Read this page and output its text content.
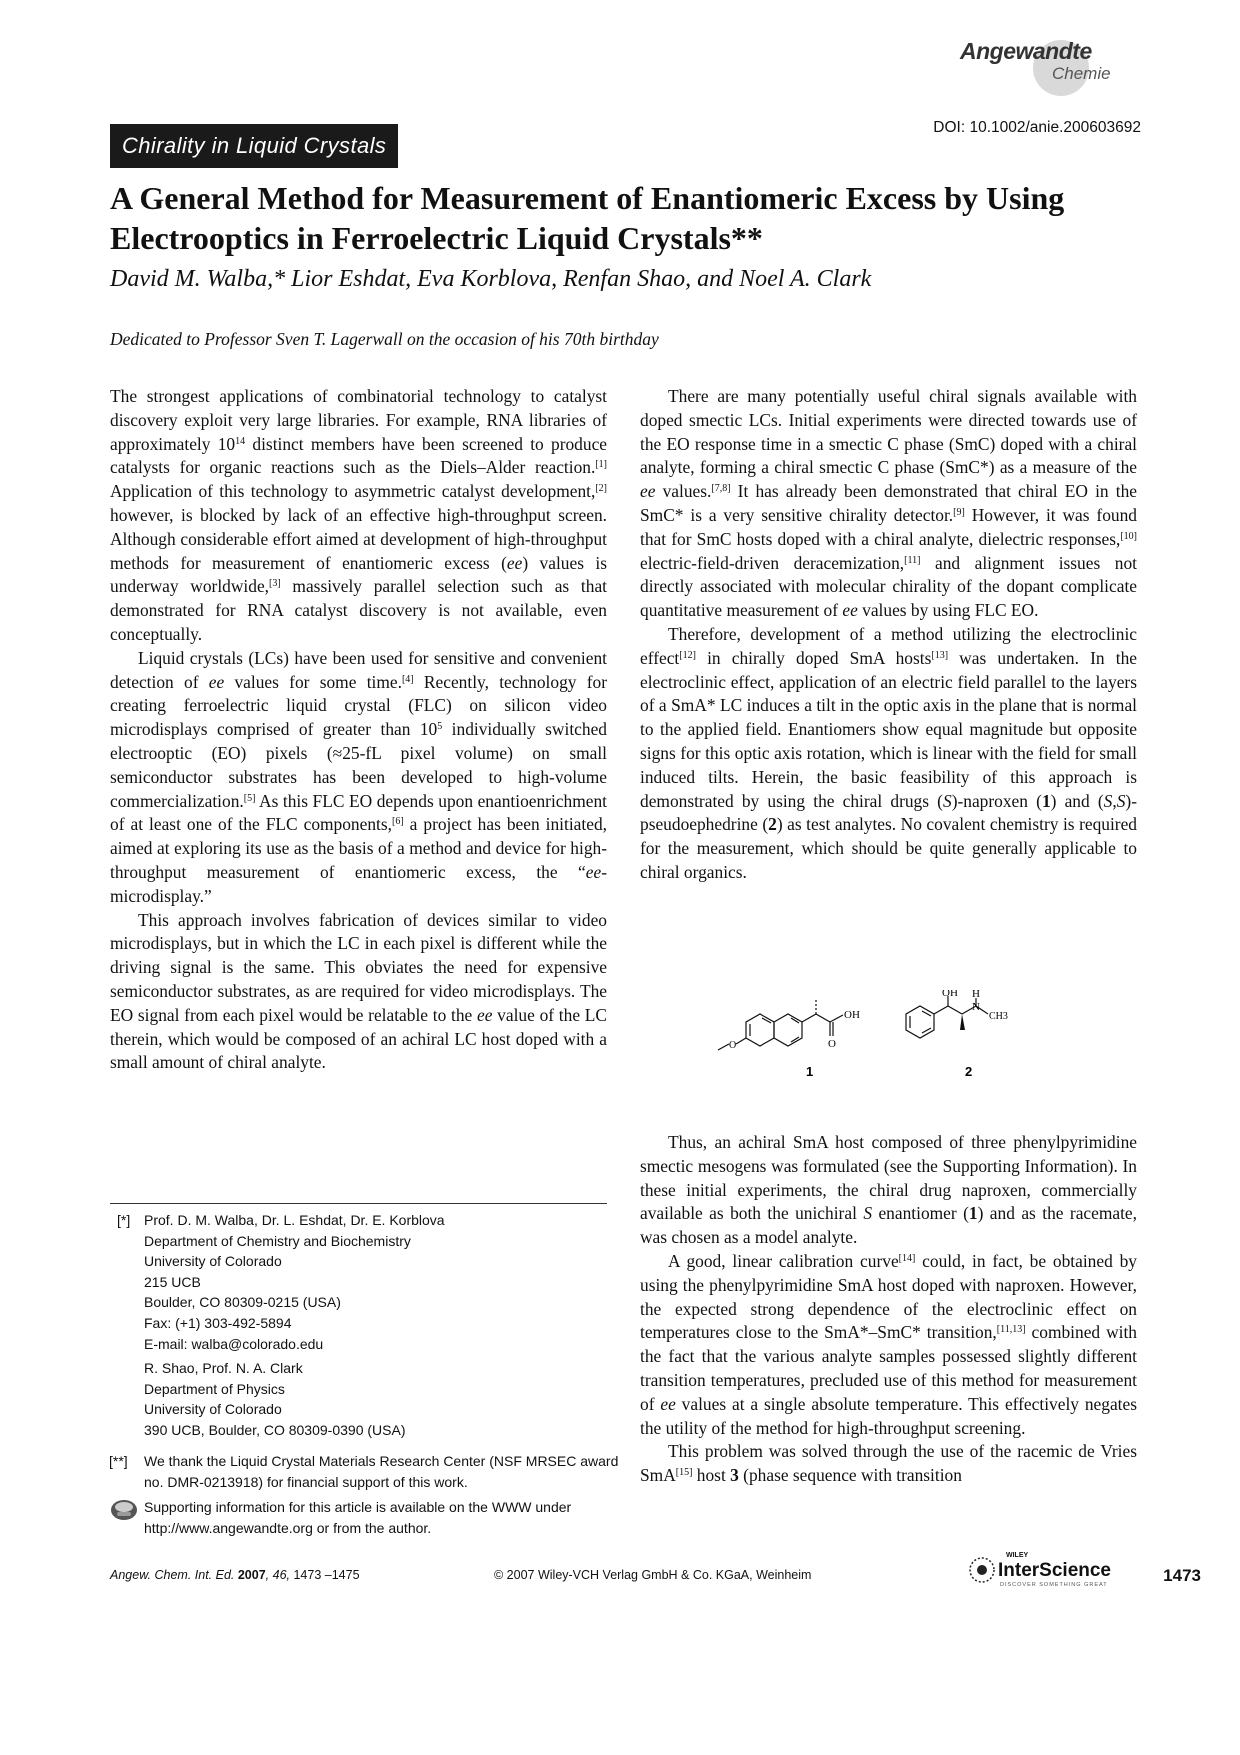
Angewandte
Chemie
Chirality in Liquid Crystals
DOI: 10.1002/anie.200603692
A General Method for Measurement of Enantiomeric Excess by Using Electrooptics in Ferroelectric Liquid Crystals**
David M. Walba,* Lior Eshdat, Eva Korblova, Renfan Shao, and Noel A. Clark
Dedicated to Professor Sven T. Lagerwall on the occasion of his 70th birthday

The strongest applications of combinatorial technology to catalyst discovery exploit very large libraries. For example, RNA libraries of approximately $10^{14}$ distinct members have been screened to produce catalysts for organic reactions such as the Diels–Alder reaction.[1] Application of this technology to asymmetric catalyst development,[2] however, is blocked by lack of an effective high-throughput screen. Although considerable effort aimed at development of high-throughput methods for measurement of enantiomeric excess (ee) values is underway worldwide,[3] massively parallel selection such as that demonstrated for RNA catalyst discovery is not available, even conceptually.

Liquid crystals (LCs) have been used for sensitive and convenient detection of ee values for some time.[4] Recently, technology for creating ferroelectric liquid crystal (FLC) on silicon video microdisplays comprised of greater than $10^5$ individually switched electrooptic (EO) pixels (≈25-fL pixel volume) on small semiconductor substrates has been developed to high-volume commercialization.[5] As this FLC EO depends upon enantioenrichment of at least one of the FLC components,[6] a project has been initiated, aimed at exploring its use as the basis of a method and device for high-throughput measurement of enantiomeric excess, the “ee-microdisplay.”

This approach involves fabrication of devices similar to video microdisplays, but in which the LC in each pixel is different while the driving signal is the same. This obviates the need for expensive semiconductor substrates, as are required for video microdisplays. The EO signal from each pixel would be relatable to the ee value of the LC therein, which would be composed of an achiral LC host doped with a small amount of chiral analyte.

There are many potentially useful chiral signals available with doped smectic LCs. Initial experiments were directed towards use of the EO response time in a smectic C phase (SmC) doped with a chiral analyte, forming a chiral smectic C phase (SmC*) as a measure of the ee values.[7,8] It has already been demonstrated that chiral EO in the SmC* is a very sensitive chirality detector.[9] However, it was found that for SmC hosts doped with a chiral analyte, dielectric responses,[10] electric-field-driven deracemization,[11] and alignment issues not directly associated with molecular chirality of the dopant complicate quantitative measurement of ee values by using FLC EO.

Therefore, development of a method utilizing the electroclinic effect[12] in chirally doped SmA hosts[13] was undertaken. In the electroclinic effect, application of an electric field parallel to the layers of a SmA* LC induces a tilt in the optic axis in the plane that is normal to the applied field. Enantiomers show equal magnitude but opposite signs for this optic axis rotation, which is linear with the field for small induced tilts. Herein, the basic feasibility of this approach is demonstrated by using the chiral drugs (S)-naproxen (1) and (S,S)-pseudoephedrine (2) as test analytes. No covalent chemistry is required for the measurement, which should be quite generally applicable to chiral organics.

O
OH
O
OH H
N
CH3
1	2

Thus, an achiral SmA host composed of three phenylpyrimidine smectic mesogens was formulated (see the Supporting Information). In these initial experiments, the chiral drug naproxen, commercially available as both the unichiral S enantiomer (1) and as the racemate, was chosen as a model analyte.

A good, linear calibration curve[14] could, in fact, be obtained by using the phenylpyrimidine SmA host doped with naproxen. However, the expected strong dependence of the electroclinic effect on temperatures close to the SmA*–SmC* transition,[11,13] combined with the fact that the various analyte samples possessed slightly different transition temperatures, precluded use of this method for measurement of ee values at a single absolute temperature. This effectively negates the utility of the method for high-throughput screening.

This problem was solved through the use of the racemic de Vries SmA[15] host 3 (phase sequence with transition

[*] Prof. D. M. Walba, Dr. L. Eshdat, Dr. E. Korblova
Department of Chemistry and Biochemistry
University of Colorado
215 UCB
Boulder, CO 80309-0215 (USA)
Fax: (+1) 303-492-5894
E-mail: walba@colorado.edu
R. Shao, Prof. N. A. Clark
Department of Physics
University of Colorado
390 UCB, Boulder, CO 80309-0390 (USA)
[**] We thank the Liquid Crystal Materials Research Center (NSF MRSEC award no. DMR-0213918) for financial support of this work.
Supporting information for this article is available on the WWW under http://www.angewandte.org or from the author.
Angew. Chem. Int. Ed. 2007, 46, 1473 –1475	© 2007 Wiley-VCH Verlag GmbH & Co. KGaA, Weinheim
WILEY
InterScience
DISCOVER SOMETHING GREAT	1473
